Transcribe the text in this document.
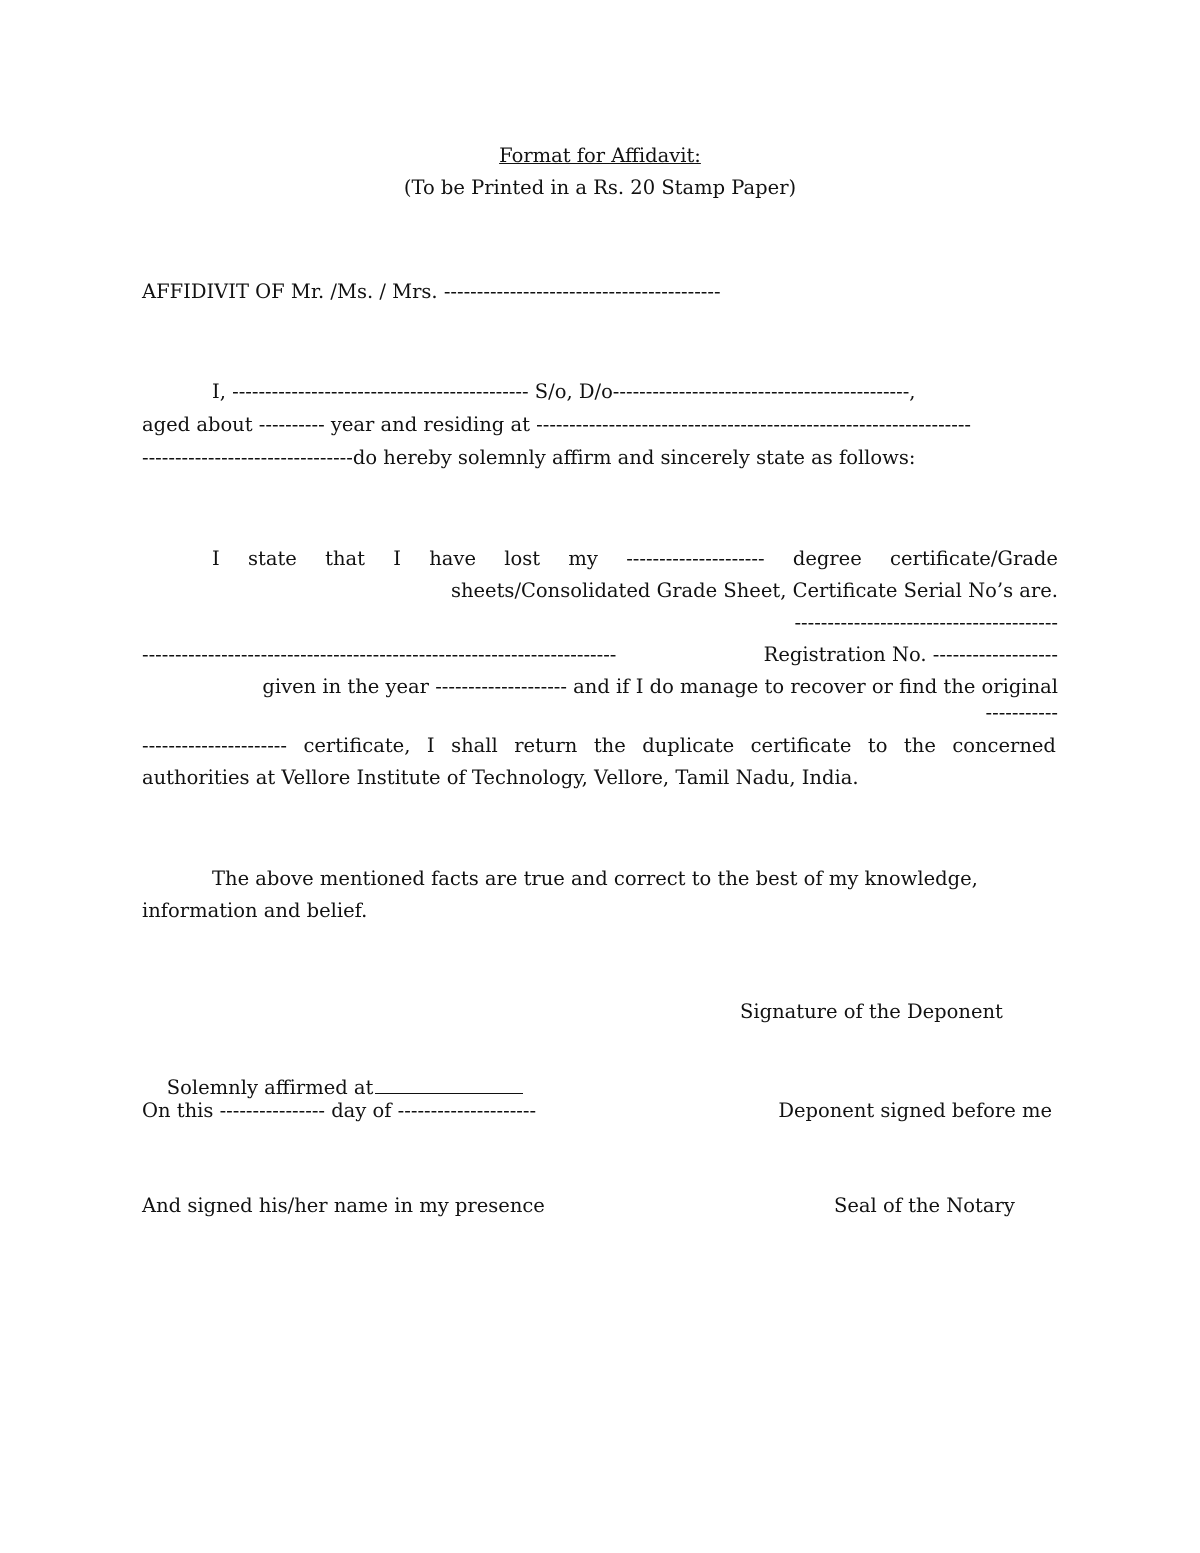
Format for Affidavit:
(To be Printed in a Rs. 20 Stamp Paper)
AFFIDIVIT OF Mr. /Ms. / Mrs. ------------------------------------------
I, --------------------------------------------- S/o, D/o---------------------------------------------,
aged about ---------- year and residing at ------------------------------------------------------------------
--------------------------------do hereby solemnly affirm and sincerely state as follows:
I state that I have lost my --------------------- degree certificate/Grade
sheets/Consolidated Grade Sheet, Certificate Serial No’s are.
----------------------------------------
------------------------------------------------------------------------	Registration No. -------------------
given in the year -------------------- and if I do manage to recover or find the original
-----------
---------------------- certificate, I shall return the duplicate certificate to the concerned
authorities at Vellore Institute of Technology, Vellore, Tamil Nadu, India.
The above mentioned facts are true and correct to the best of my knowledge,
information and belief.
Signature of the Deponent

Solemnly affirmed at

On this ---------------- day of ---------------------	Deponent signed before me
And signed his/her name in my presence	Seal of the Notary
